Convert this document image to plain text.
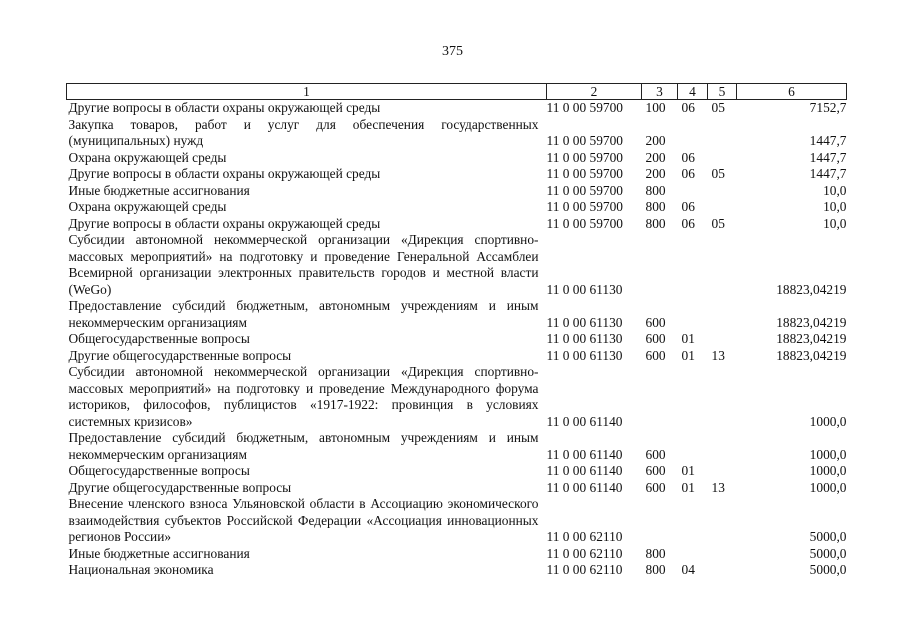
375
1	2	3	4	5	6
Другие вопросы в области охраны окружающей среды	11 0 00 59700	100	06	05	7152,7
Закупка товаров, работ и услуг для обеспечения государственных (муниципальных) нужд	11 0 00 59700	200			1447,7
Охрана окружающей среды	11 0 00 59700	200	06		1447,7
Другие вопросы в области охраны окружающей среды	11 0 00 59700	200	06	05	1447,7
Иные бюджетные ассигнования	11 0 00 59700	800			10,0
Охрана окружающей среды	11 0 00 59700	800	06		10,0
Другие вопросы в области охраны окружающей среды	11 0 00 59700	800	06	05	10,0
Субсидии автономной некоммерческой организации «Дирекция спортивно-массовых мероприятий» на подготовку и проведение Генеральной Ассамблеи Всемирной организации электронных правительств городов и местной власти (WeGo)	11 0 00 61130				18823,04219
Предоставление субсидий бюджетным, автономным учреждениям и иным некоммерческим организациям	11 0 00 61130	600			18823,04219
Общегосударственные вопросы	11 0 00 61130	600	01		18823,04219
Другие общегосударственные вопросы	11 0 00 61130	600	01	13	18823,04219
Субсидии автономной некоммерческой организации «Дирекция спортивно-массовых мероприятий» на подготовку и проведение Международного форума историков, философов, публицистов «1917-1922: провинция в условиях системных кризисов»	11 0 00 61140				1000,0
Предоставление субсидий бюджетным, автономным учреждениям и иным некоммерческим организациям	11 0 00 61140	600			1000,0
Общегосударственные вопросы	11 0 00 61140	600	01		1000,0
Другие общегосударственные вопросы	11 0 00 61140	600	01	13	1000,0
Внесение членского взноса Ульяновской области в Ассоциацию экономического взаимодействия субъектов Российской Федерации «Ассоциация инновационных регионов России»	11 0 00 62110				5000,0
Иные бюджетные ассигнования	11 0 00 62110	800			5000,0
Национальная экономика	11 0 00 62110	800	04		5000,0
